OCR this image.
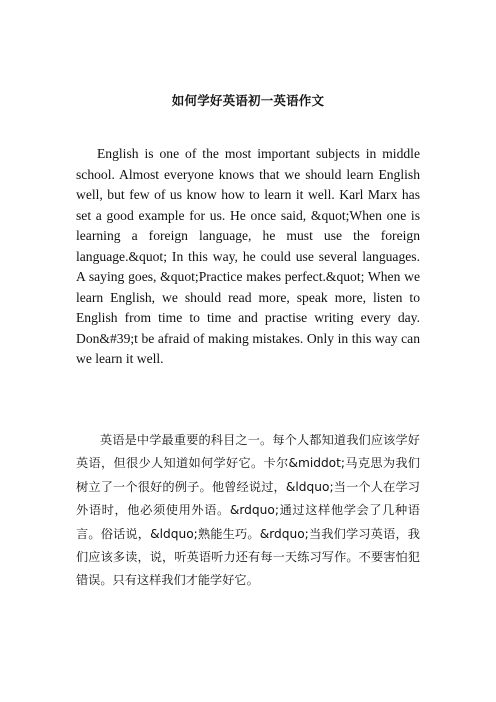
如何学好英语初一英语作文

English is one of the most important subjects in middle school. Almost everyone knows that we should learn English well, but few of us know how to learn it well. Karl Marx has set a good example for us. He once said, &quot;When one is learning a foreign language, he must use the foreign language.&quot; In this way, he could use several languages. A saying goes, &quot;Practice makes perfect.&quot; When we learn English, we should read more, speak more, listen to English from time to time and practise writing every day. Don&#39;t be afraid of making mistakes. Only in this way can we learn it well.

英语是中学最重要的科目之一。每个人都知道我们应该学好英语，但很少人知道如何学好它。卡尔&middot;马克思为我们树立了一个很好的例子。他曾经说过，&ldquo;当一个人在学习外语时，他必须使用外语。&rdquo;通过这样他学会了几种语言。俗话说，&ldquo;熟能生巧。&rdquo;当我们学习英语，我们应该多读，说，听英语听力还有每一天练习写作。不要害怕犯错误。只有这样我们才能学好它。
